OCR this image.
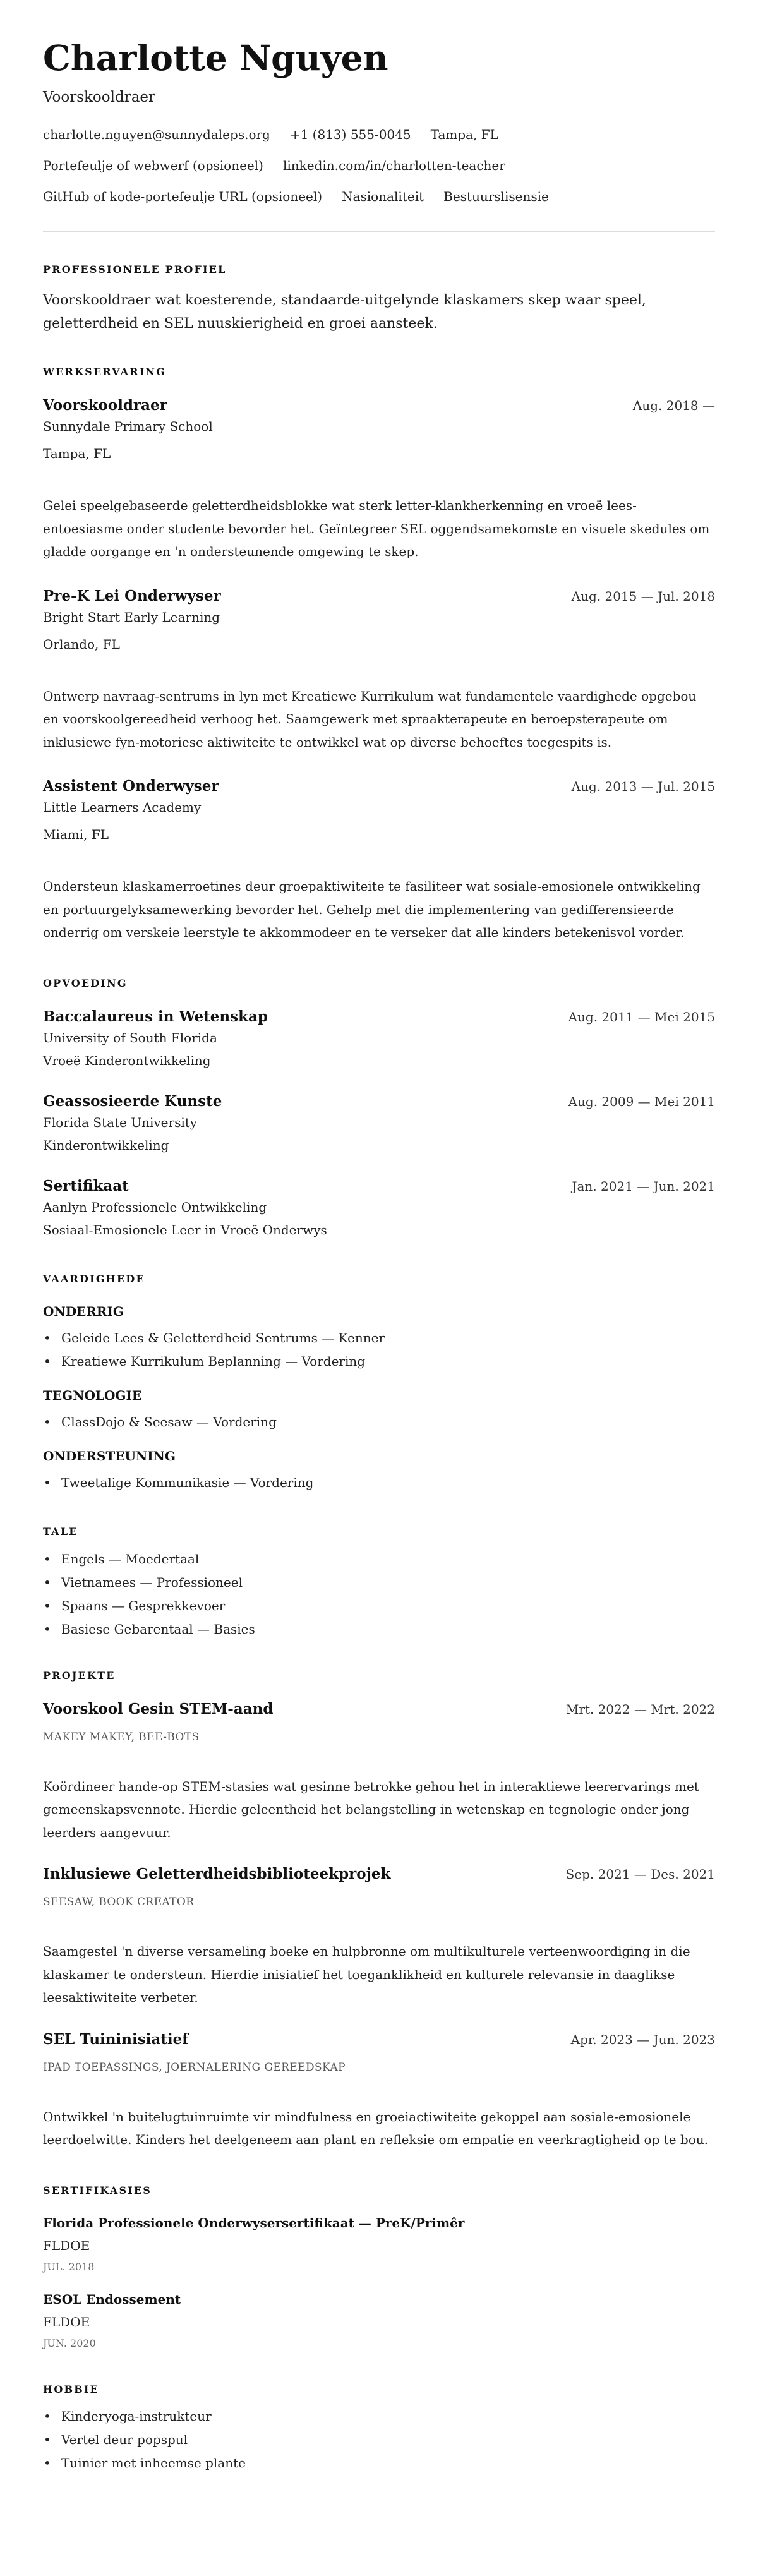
Charlotte Nguyen
Voorskooldraer
charlotte.nguyen@sunnydaleps.org +1 (813) 555-0045 Tampa, FL
Portefeulje of webwerf (opsioneel) linkedin.com/in/charlotten-teacher
GitHub of kode-portefeulje URL (opsioneel) Nasionaliteit Bestuurslisensie
PROFESSIONELE PROFIEL

Voorskooldraer wat koesterende, standaarde-uitgelynde klaskamers skep waar speel, geletterdheid en SEL nuuskierigheid en groei aansteek.

WERKSERVARING
Voorskooldraer	Aug. 2018 —
Sunnydale Primary School
Tampa, FL
Gelei speelgebaseerde geletterdheidsblokke wat sterk letter-klankherkenning en vroeë lees-entoesiasme onder studente bevorder het. Geïntegreer SEL oggendsamekomste en visuele skedules om gladde oorgange en 'n ondersteunende omgewing te skep.
Pre-K Lei Onderwyser	Aug. 2015 — Jul. 2018
Bright Start Early Learning
Orlando, FL
Ontwerp navraag-sentrums in lyn met Kreatiewe Kurrikulum wat fundamentele vaardighede opgebou en voorskoolgereedheid verhoog het. Saamgewerk met spraakterapeute en beroepsterapeute om inklusiewe fyn-motoriese aktiwiteite te ontwikkel wat op diverse behoeftes toegespits is.
Assistent Onderwyser	Aug. 2013 — Jul. 2015
Little Learners Academy
Miami, FL
Ondersteun klaskamerroetines deur groepaktiwiteite te fasiliteer wat sosiale-emosionele ontwikkeling en portuurgelyksamewerking bevorder het. Gehelp met die implementering van gedifferensieerde onderrig om verskeie leerstyle te akkommodeer en te verseker dat alle kinders betekenisvol vorder.
OPVOEDING
Baccalaureus in Wetenskap	Aug. 2011 — Mei 2015
University of South Florida
Vroeë Kinderontwikkeling
Geassosieerde Kunste	Aug. 2009 — Mei 2011
Florida State University
Kinderontwikkeling
Sertifikaat	Jan. 2021 — Jun. 2021
Aanlyn Professionele Ontwikkeling
Sosiaal-Emosionele Leer in Vroeë Onderwys
VAARDIGHEDE
ONDERRIG
• Geleide Lees & Geletterdheid Sentrums — Kenner
• Kreatiewe Kurrikulum Beplanning — Vordering
TEGNOLOGIE
• ClassDojo & Seesaw — Vordering
ONDERSTEUNING
• Tweetalige Kommunikasie — Vordering
TALE
• Engels — Moedertaal
• Vietnamees — Professioneel
• Spaans — Gesprekkevoer
• Basiese Gebarentaal — Basies
PROJEKTE
Voorskool Gesin STEM-aand	Mrt. 2022 — Mrt. 2022
MAKEY MAKEY, BEE-BOTS
Koördineer hande-op STEM-stasies wat gesinne betrokke gehou het in interaktiewe leerervarings met gemeenskapsvennote. Hierdie geleentheid het belangstelling in wetenskap en tegnologie onder jong leerders aangevuur.
Inklusiewe Geletterdheidsbiblioteekprojek	Sep. 2021 — Des. 2021
SEESAW, BOOK CREATOR
Saamgestel 'n diverse versameling boeke en hulpbronne om multikulturele verteenwoordiging in die klaskamer te ondersteun. Hierdie inisiatief het toeganklikheid en kulturele relevansie in daaglikse leesaktiwiteite verbeter.
SEL Tuininisiatief	Apr. 2023 — Jun. 2023
IPAD TOEPASSINGS, JOERNALERING GEREEDSKAP
Ontwikkel 'n buitelugtuinruimte vir mindfulness en groeiactiwiteite gekoppel aan sosiale-emosionele leerdoelwitte. Kinders het deelgeneem aan plant en refleksie om empatie en veerkragtigheid op te bou.
SERTIFIKASIES
Florida Professionele Onderwysersertifikaat — PreK/Primêr
FLDOE
JUL. 2018
ESOL Endossement
FLDOE
JUN. 2020
HOBBIE
• Kinderyoga-instrukteur
• Vertel deur popspul
• Tuinier met inheemse plante
